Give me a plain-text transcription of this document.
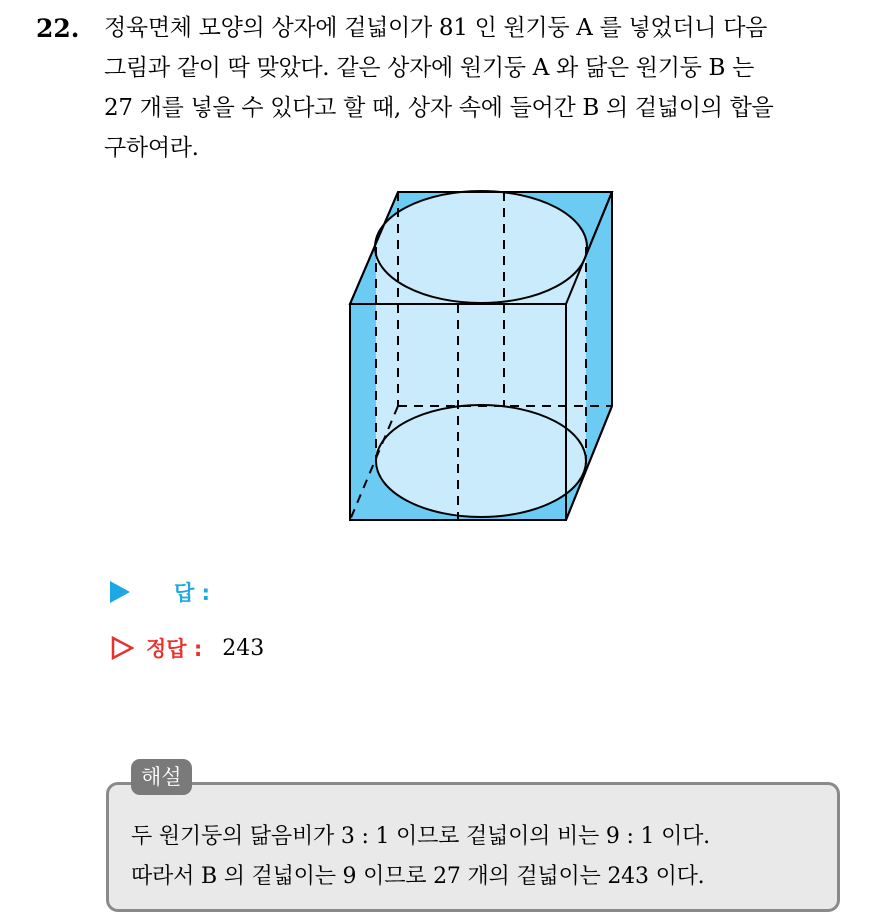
22. 정육면체 모양의 상자에 겉넓이가 81 인 원기둥 A 를 넣었더니 다음
그림과 같이 딱 맞았다. 같은 상자에 원기둥 A 와 닮은 원기둥 B 는
27 개를 넣을 수 있다고 할 때, 상자 속에 들어간 B 의 겉넓이의 합을
구하여라.
답 :
정답 : 243
해설
두 원기둥의 닮음비가 3 : 1 이므로 겉넓이의 비는 9 : 1 이다.
따라서 B 의 겉넓이는 9 이므로 27 개의 겉넓이는 243 이다.
